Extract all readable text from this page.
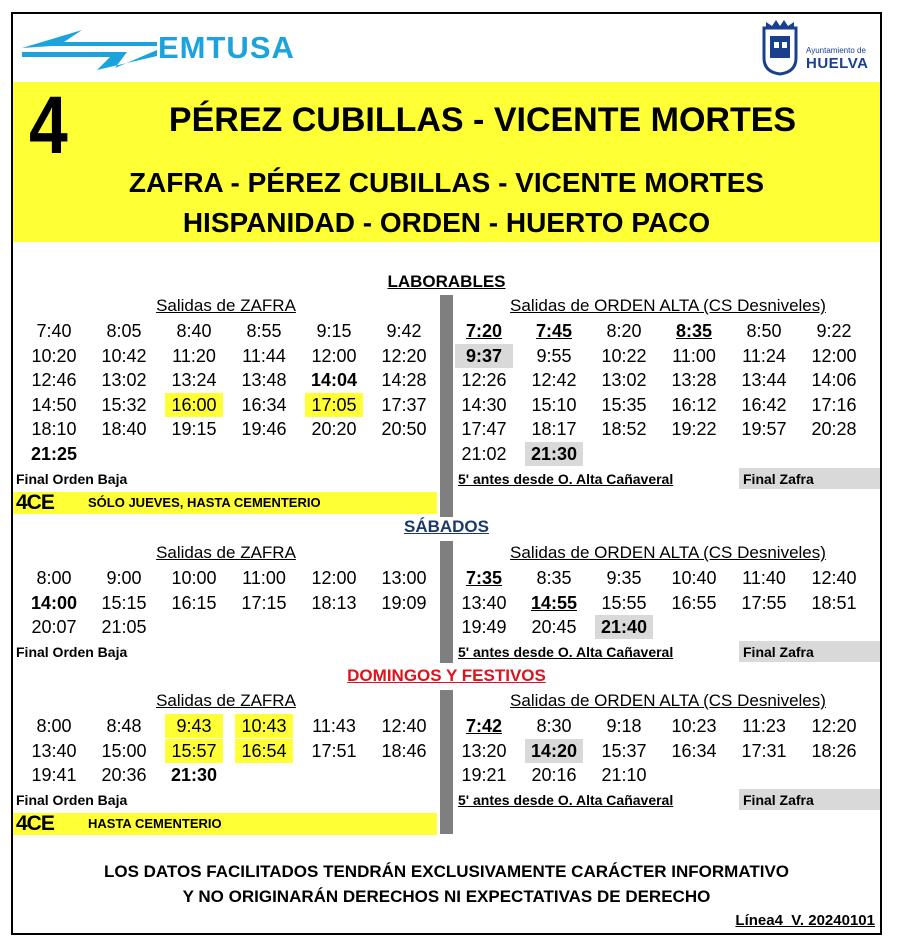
EMTUSA	Ayuntamiento de
HUELVA
4	PÉREZ CUBILLAS - VICENTE MORTES
ZAFRA - PÉREZ CUBILLAS - VICENTE MORTES
HISPANIDAD - ORDEN - HUERTO PACO
LABORABLES
Salidas de ZAFRA	Salidas de ORDEN ALTA (CS Desniveles)
7:40	8:05	8:40	8:55	9:15	9:42
10:20	10:42	11:20	11:44	12:00	12:20
12:46	13:02	13:24	13:48	14:04	14:28
14:50	15:32	16:00	16:34	17:05	17:37
18:10	18:40	19:15	19:46	20:20	20:50
21:25
7:20	7:45	8:20	8:35	8:50	9:22
9:37	9:55	10:22	11:00	11:24	12:00
12:26	12:42	13:02	13:28	13:44	14:06
14:30	15:10	15:35	16:12	16:42	17:16
17:47	18:17	18:52	19:22	19:57	20:28
21:02	21:30
Final Orden Baja	5' antes desde O. Alta Cañaveral	Final Zafra
4CE	SÓLO JUEVES, HASTA CEMENTERIO
SÁBADOS
Salidas de ZAFRA	Salidas de ORDEN ALTA (CS Desniveles)
8:00	9:00	10:00	11:00	12:00	13:00
14:00	15:15	16:15	17:15	18:13	19:09
20:07	21:05
7:35	8:35	9:35	10:40	11:40	12:40
13:40	14:55	15:55	16:55	17:55	18:51
19:49	20:45	21:40
Final Orden Baja	5' antes desde O. Alta Cañaveral	Final Zafra
DOMINGOS Y FESTIVOS
Salidas de ZAFRA	Salidas de ORDEN ALTA (CS Desniveles)
8:00	8:48	9:43	10:43	11:43	12:40
13:40	15:00	15:57	16:54	17:51	18:46
19:41	20:36	21:30
7:42	8:30	9:18	10:23	11:23	12:20
13:20	14:20	15:37	16:34	17:31	18:26
19:21	20:16	21:10
Final Orden Baja	5' antes desde O. Alta Cañaveral	Final Zafra
4CE	HASTA CEMENTERIO
LOS DATOS FACILITADOS TENDRÁN EXCLUSIVAMENTE CARÁCTER INFORMATIVO
Y NO ORIGINARÁN DERECHOS NI EXPECTATIVAS DE DERECHO
Línea4_V. 20240101
